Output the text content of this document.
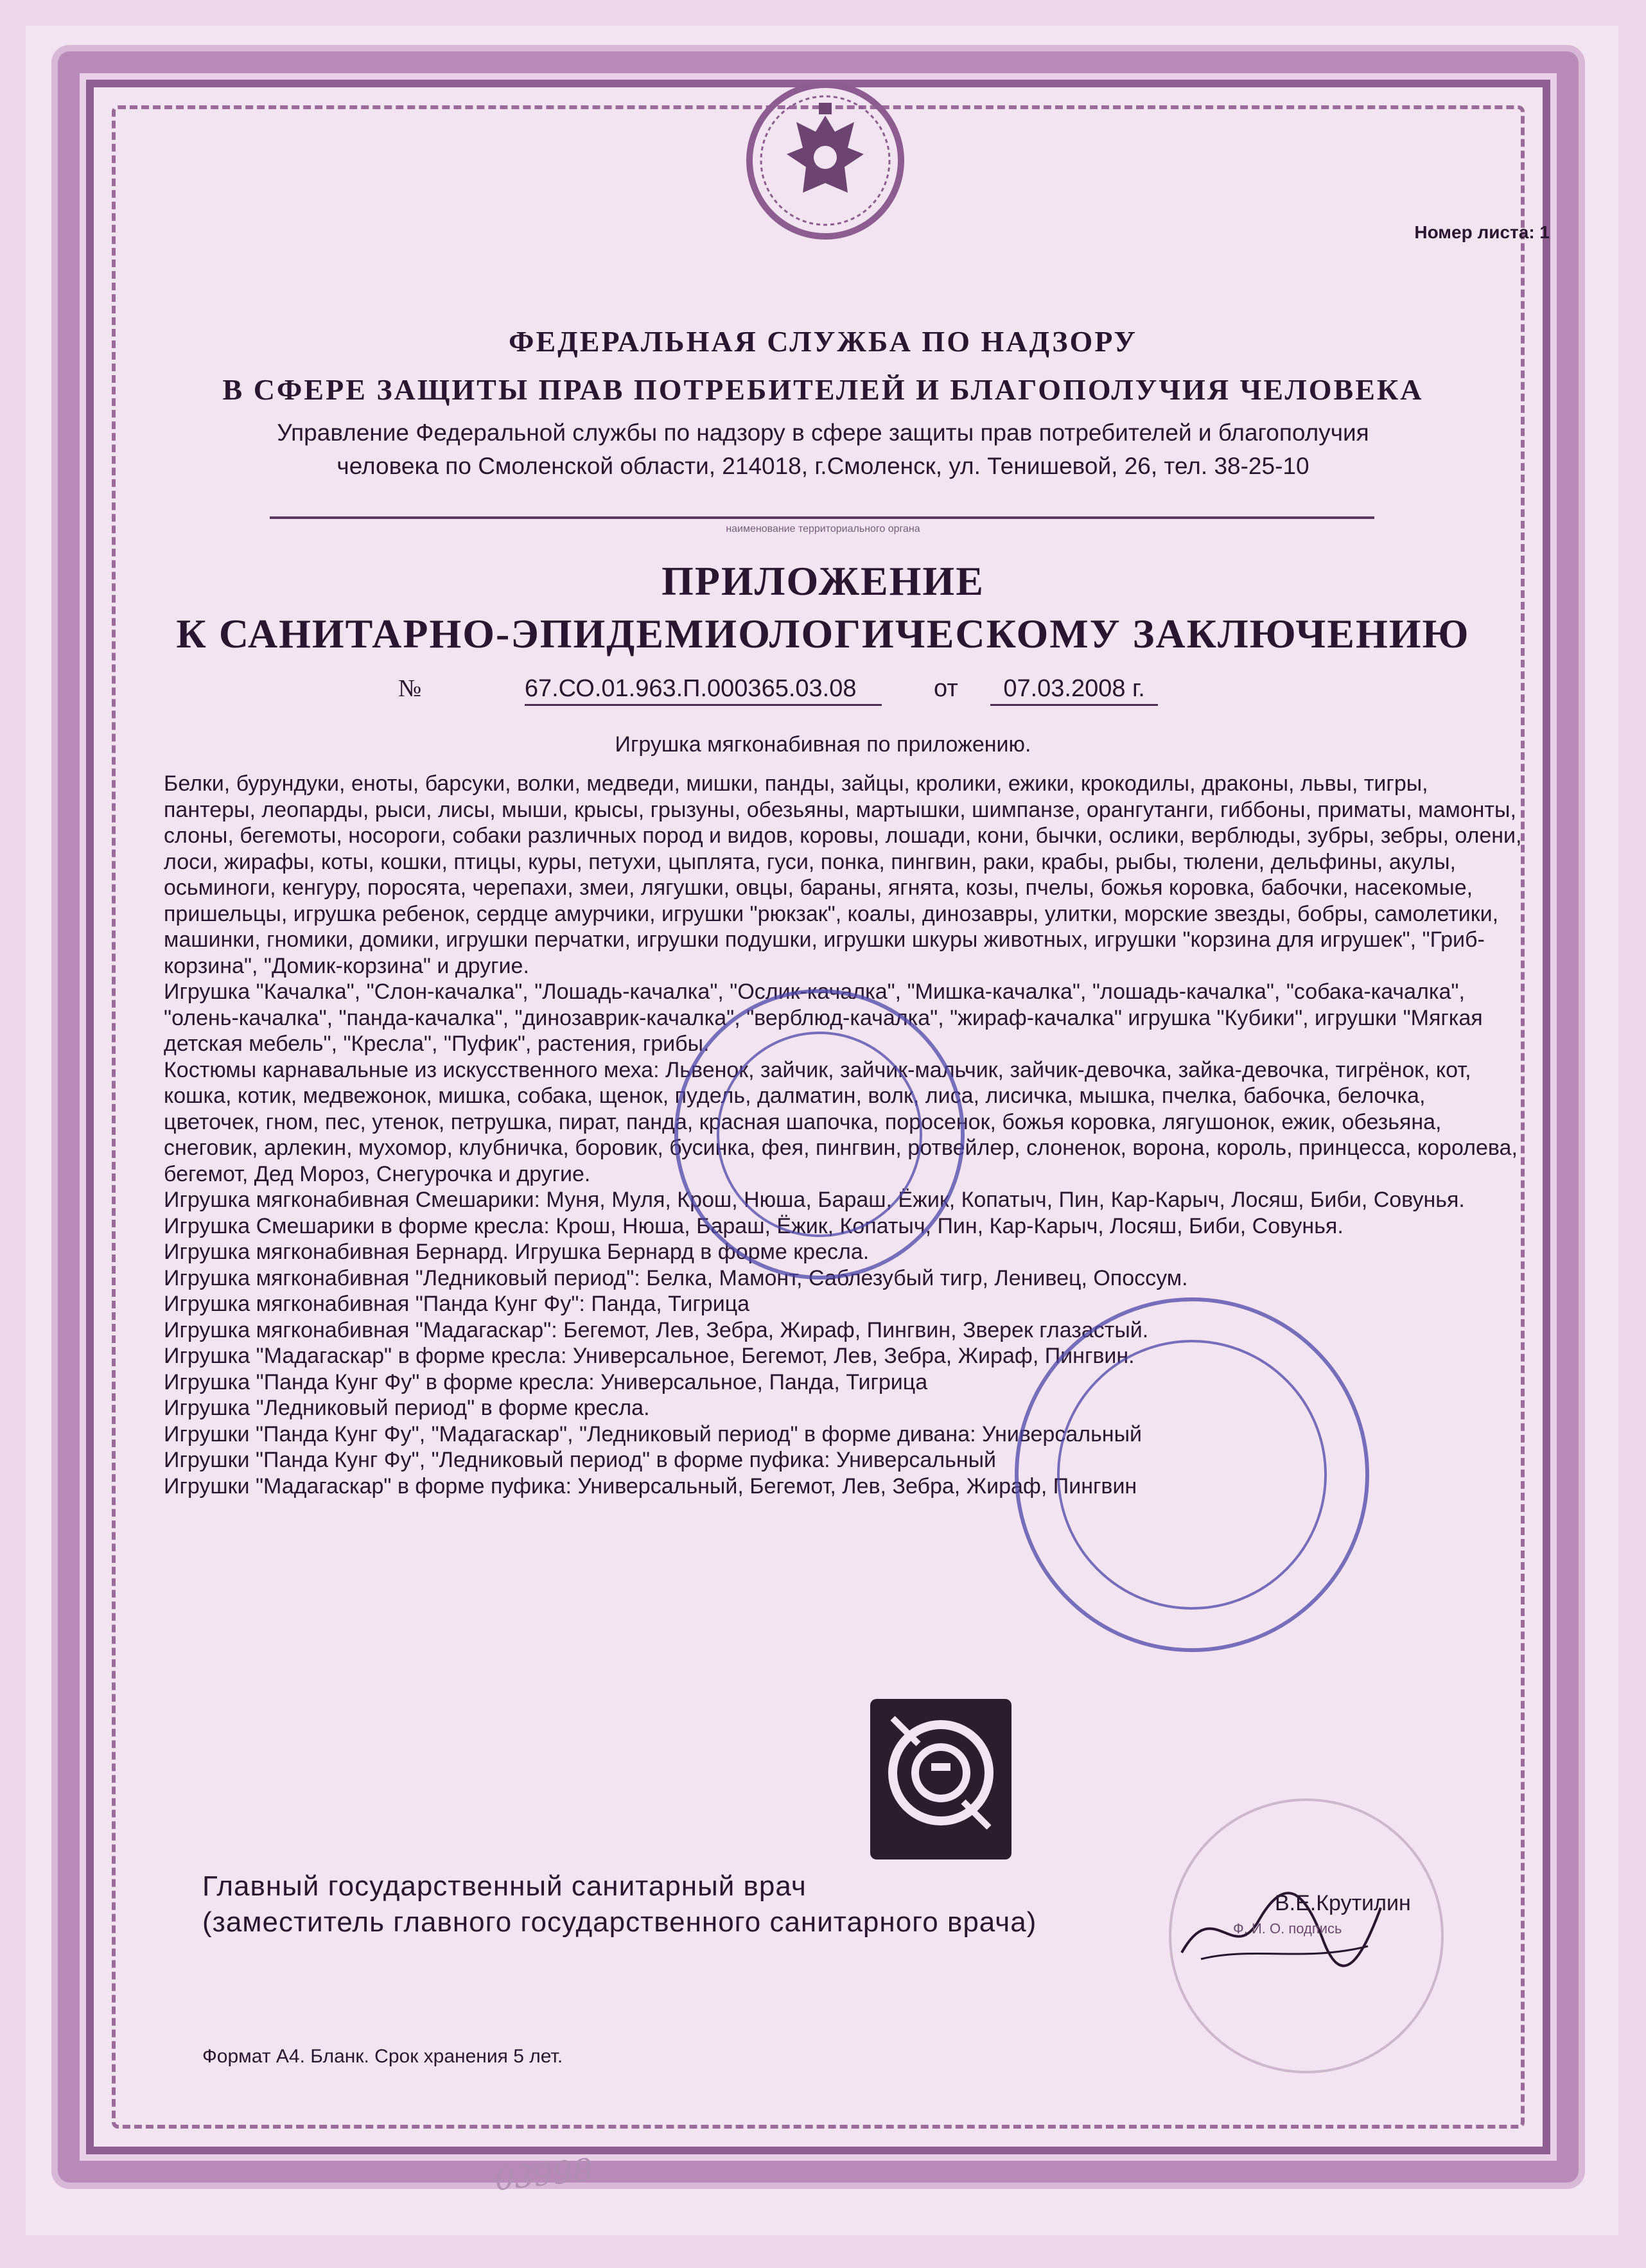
Номер листа: 1
ФЕДЕРАЛЬНАЯ СЛУЖБА ПО НАДЗОРУ
В СФЕРЕ ЗАЩИТЫ ПРАВ ПОТРЕБИТЕЛЕЙ И БЛАГОПОЛУЧИЯ ЧЕЛОВЕКА
Управление Федеральной службы по надзору в сфере защиты прав потребителей и благополучия
человека по Смоленской области, 214018, г.Смоленск, ул. Тенишевой, 26, тел. 38-25-10
наименование территориального органа
ПРИЛОЖЕНИЕ
К САНИТАРНО-ЭПИДЕМИОЛОГИЧЕСКОМУ ЗАКЛЮЧЕНИЮ
№	67.СО.01.963.П.000365.03.08	от 07.03.2008 г.
Игрушка мягконабивная по приложению.

Белки, бурундуки, еноты, барсуки, волки, медведи, мишки, панды, зайцы, кролики, ежики, крокодилы, драконы, львы, тигры, пантеры, леопарды, рыси, лисы, мыши, крысы, грызуны, обезьяны, мартышки, шимпанзе, орангутанги, гиббоны, приматы, мамонты, слоны, бегемоты, носороги, собаки различных пород и видов, коровы, лошади, кони, бычки, ослики, верблюды, зубры, зебры, олени, лоси, жирафы, коты, кошки, птицы, куры, петухи, цыплята, гуси, понка, пингвин, раки, крабы, рыбы, тюлени, дельфины, акулы, осьминоги, кенгуру, поросята, черепахи, змеи, лягушки, овцы, бараны, ягнята, козы, пчелы, божья коровка, бабочки, насекомые, пришельцы, игрушка ребенок, сердце амурчики, игрушки "рюкзак", коалы, динозавры, улитки, морские звезды, бобры, самолетики, машинки, гномики, домики, игрушки перчатки, игрушки подушки, игрушки шкуры животных, игрушки "корзина для игрушек", "Гриб-корзина", "Домик-корзина" и другие.

Игрушка "Качалка", "Слон-качалка", "Лошадь-качалка", "Ослик-качалка", "Мишка-качалка", "лошадь-качалка", "собака-качалка", "олень-качалка", "панда-качалка", "динозаврик-качалка", "верблюд-качалка", "жираф-качалка" игрушка "Кубики", игрушки "Мягкая детская мебель", "Кресла", "Пуфик", растения, грибы.

Костюмы карнавальные из искусственного меха: Львенок, зайчик, зайчик-мальчик, зайчик-девочка, зайка-девочка, тигрёнок, кот, кошка, котик, медвежонок, мишка, собака, щенок, пудель, далматин, волк, лиса, лисичка, мышка, пчелка, бабочка, белочка, цветочек, гном, пес, утенок, петрушка, пират, панда, красная шапочка, поросенок, божья коровка, лягушонок, ежик, обезьяна, снеговик, арлекин, мухомор, клубничка, боровик, бусинка, фея, пингвин, ротвейлер, слоненок, ворона, король, принцесса, королева, бегемот, Дед Мороз, Снегурочка и другие.

Игрушка мягконабивная Смешарики: Муня, Муля, Крош, Нюша, Бараш, Ёжик, Копатыч, Пин, Кар-Карыч, Лосяш, Биби, Совунья.

Игрушка Смешарики в форме кресла: Крош, Нюша, Бараш, Ёжик, Копатыч, Пин, Кар-Карыч, Лосяш, Биби, Совунья.

Игрушка мягконабивная Бернард. Игрушка Бернард в форме кресла.

Игрушка мягконабивная "Ледниковый период": Белка, Мамонт, Саблезубый тигр, Ленивец, Опоссум.

Игрушка мягконабивная "Панда Кунг Фу": Панда, Тигрица

Игрушка мягконабивная "Мадагаскар": Бегемот, Лев, Зебра, Жираф, Пингвин, Зверек глазастый.

Игрушка "Мадагаскар" в форме кресла: Универсальное, Бегемот, Лев, Зебра, Жираф, Пингвин.

Игрушка "Панда Кунг Фу" в форме кресла: Универсальное, Панда, Тигрица

Игрушка "Ледниковый период" в форме кресла.

Игрушки "Панда Кунг Фу", "Мадагаскар", "Ледниковый период" в форме дивана: Универсальный

Игрушки "Панда Кунг Фу", "Ледниковый период" в форме пуфика: Универсальный

Игрушки "Мадагаскар" в форме пуфика: Универсальный, Бегемот, Лев, Зебра, Жираф, Пингвин

Главный государственный санитарный врач
(заместитель главного государственного санитарного врача)
В.Е.Крутилин
Ф. И. О. подпись
Формат А4. Бланк. Срок хранения 5 лет.
03998
